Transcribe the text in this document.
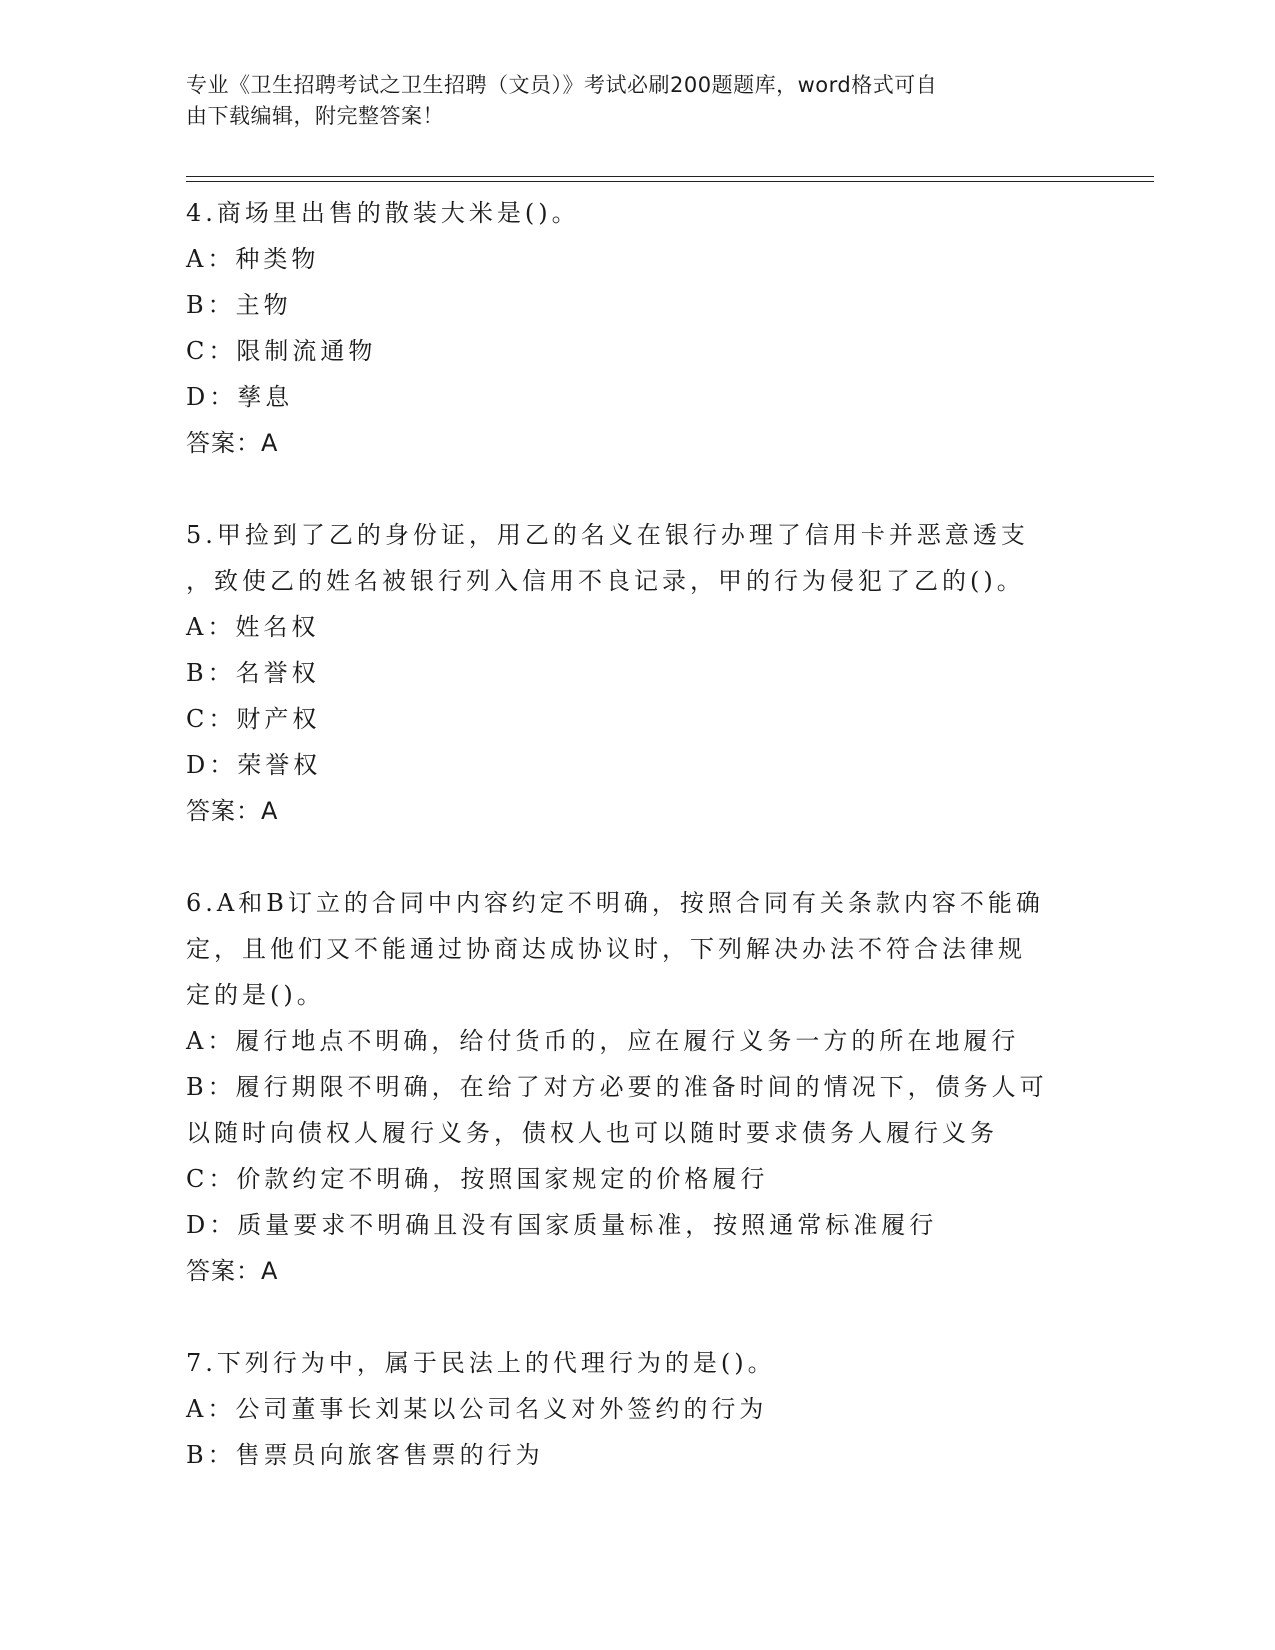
专业《卫生招聘考试之卫生招聘（文员）》考试必刷200题题库，word格式可自
由下载编辑，附完整答案！
4.商场里出售的散装大米是()。
A：种类物
B：主物
C：限制流通物
D：孳息
答案：A
5.甲捡到了乙的身份证，用乙的名义在银行办理了信用卡并恶意透支
，致使乙的姓名被银行列入信用不良记录，甲的行为侵犯了乙的()。
A：姓名权
B：名誉权
C：财产权
D：荣誉权
答案：A
6.A和B订立的合同中内容约定不明确，按照合同有关条款内容不能确
定，且他们又不能通过协商达成协议时，下列解决办法不符合法律规
定的是()。
A：履行地点不明确，给付货币的，应在履行义务一方的所在地履行
B：履行期限不明确，在给了对方必要的准备时间的情况下，债务人可
以随时向债权人履行义务，债权人也可以随时要求债务人履行义务
C：价款约定不明确，按照国家规定的价格履行
D：质量要求不明确且没有国家质量标准，按照通常标准履行
答案：A
7.下列行为中，属于民法上的代理行为的是()。
A：公司董事长刘某以公司名义对外签约的行为
B：售票员向旅客售票的行为
